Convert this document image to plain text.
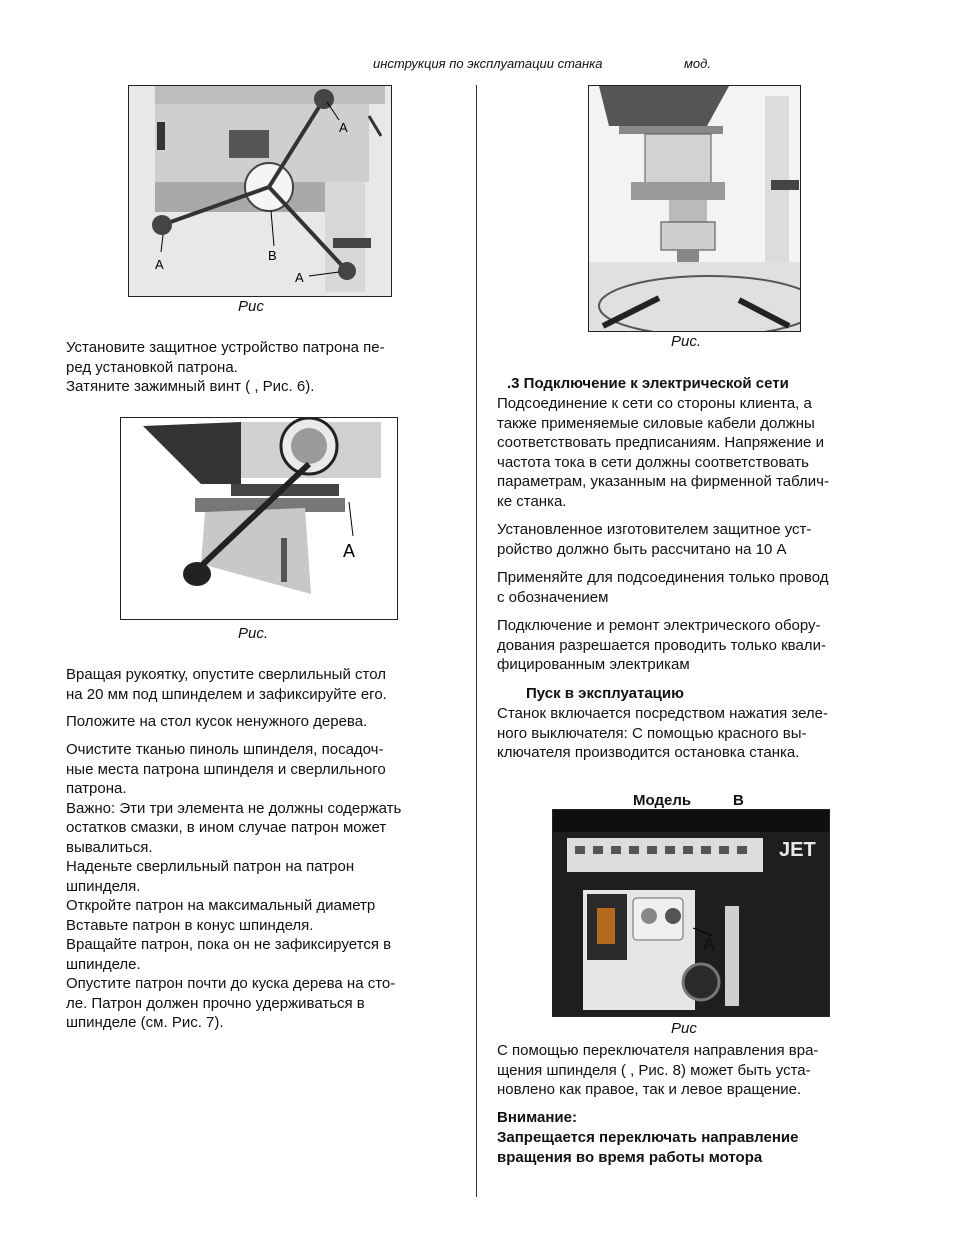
инструкция по эксплуатации станка	мод.
A
A
B
A
Рис

Установите защитное устройство патрона пе-

ред установкой патрона.

Затяните зажимный винт ( , Рис. 6).

A
Рис.

Вращая рукоятку, опустите сверлильный стол

на 20 мм под шпинделем и зафиксируйте его.

Положите на стол кусок ненужного дерева.

Очистите тканью пиноль шпинделя, посадоч-

ные места патрона шпинделя и сверлильного

патрона.

Важно: Эти три элемента не должны содержать

остатков смазки, в ином случае патрон может

вывалиться.

Наденьте сверлильный патрон на патрон

шпинделя.

Откройте патрон на максимальный диаметр

Вставьте патрон в конус шпинделя.

Вращайте патрон, пока он не зафиксируется в

шпинделе.

Опустите патрон почти до куска дерева на сто-

ле. Патрон должен прочно удерживаться в

шпинделе (см. Рис. 7).

Рис.
.3 Подключение к электрической сети

Подсоединение к сети со стороны клиента, а

также применяемые силовые кабели должны

соответствовать предписаниям. Напряжение и

частота тока в сети должны соответствовать

параметрам, указанным на фирменной таблич-

ке станка.

Установленное изготовителем защитное уст-

ройство должно быть рассчитано на 10 А

Применяйте для подсоединения только провод

с обозначением

Подключение и ремонт электрического обору-

дования разрешается проводить только квали-

фицированным электрикам

Пуск в эксплуатацию

Станок включается посредством нажатия зеле-

ного выключателя: С помощью красного вы-

ключателя производится остановка станка.

Модель	B
JET
A
Рис

С помощью переключателя направления вра-

щения шпинделя ( , Рис. 8) может быть уста-

новлено как правое, так и левое вращение.

Внимание:

Запрещается переключать направление

вращения во время работы мотора
